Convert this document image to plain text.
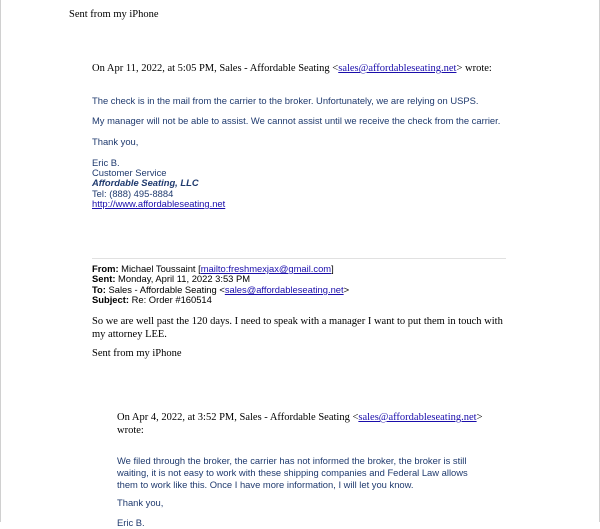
Sent from my iPhone
On Apr 11, 2022, at 5:05 PM, Sales - Affordable Seating <sales@affordableseating.net> wrote:
The check is in the mail from the carrier to the broker. Unfortunately, we are relying on USPS.
My manager will not be able to assist. We cannot assist until we receive the check from the carrier.
Thank you,
Eric B.
Customer Service
Affordable Seating, LLC
Tel: (888) 495-8884
http://www.affordableseating.net
From: Michael Toussaint [mailto:freshmexjax@gmail.com]
Sent: Monday, April 11, 2022 3:53 PM
To: Sales - Affordable Seating <sales@affordableseating.net>
Subject: Re: Order #160514
So we are well past the 120 days. I need to speak with a manager I want to put them in touch with my attorney LEE.
Sent from my iPhone
On Apr 4, 2022, at 3:52 PM, Sales - Affordable Seating <sales@affordableseating.net>
wrote:
We filed through the broker, the carrier has not informed the broker, the broker is still waiting, it is not easy to work with these shipping companies and Federal Law allows them to work like this. Once I have more information, I will let you know.
Thank you,
Eric B.
